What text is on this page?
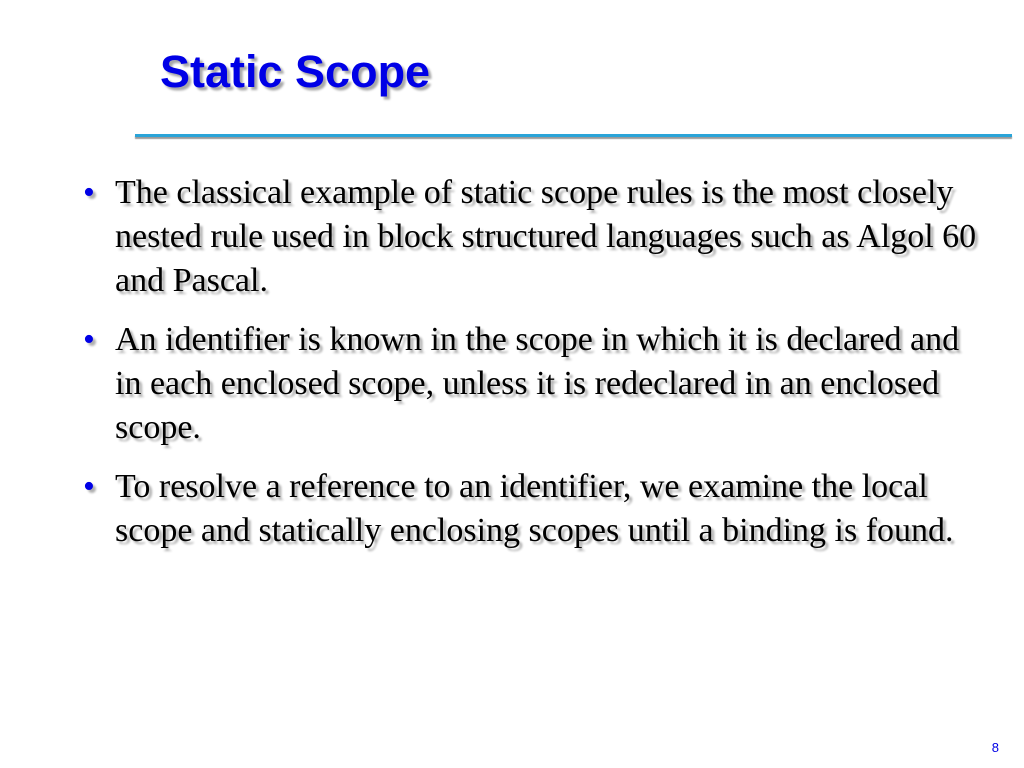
Static Scope
• The classical example of static scope rules is the most closely nested rule used in block structured languages such as Algol 60 and Pascal.
• An identifier is known in the scope in which it is declared and in each enclosed scope, unless it is redeclared in an enclosed scope.
• To resolve a reference to an identifier, we examine the local scope and statically enclosing scopes until a binding is found.
8
